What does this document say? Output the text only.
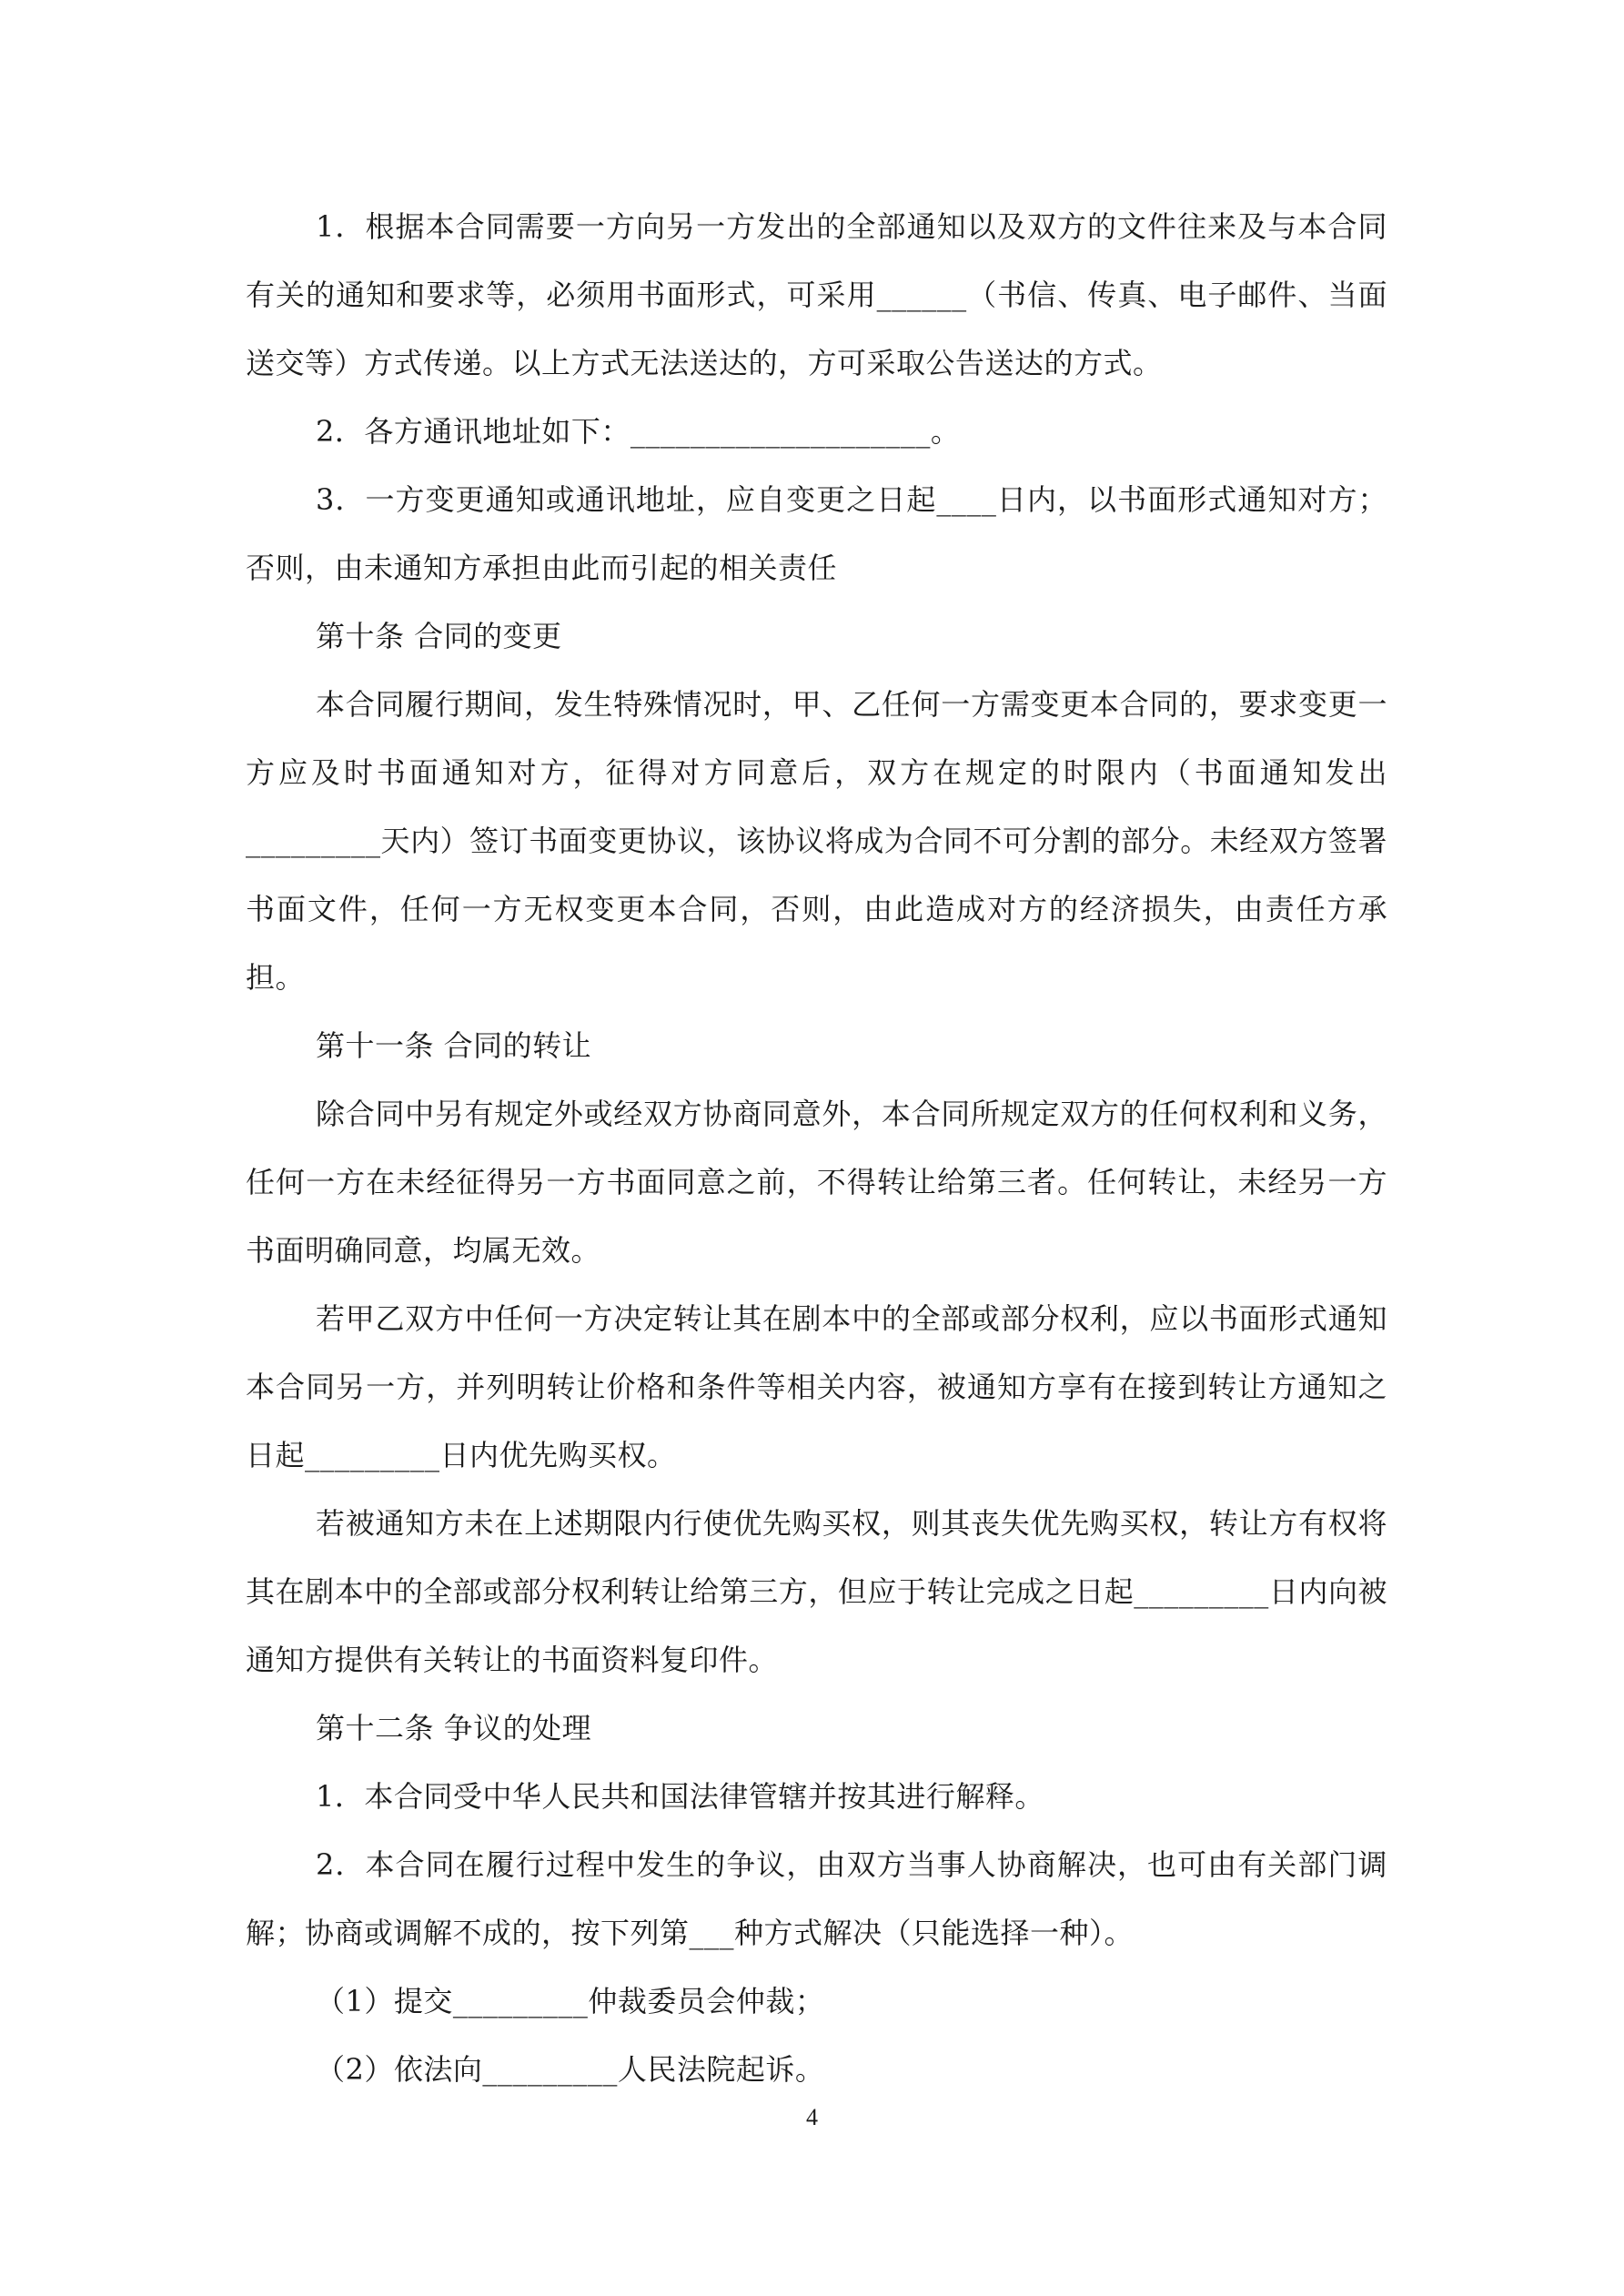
1．根据本合同需要一方向另一方发出的全部通知以及双方的文件往来及与本合同有关的通知和要求等，必须用书面形式，可采用______（书信、传真、电子邮件、当面送交等）方式传递。以上方式无法送达的，方可采取公告送达的方式。

2．各方通讯地址如下：____________________。

3．一方变更通知或通讯地址，应自变更之日起____日内，以书面形式通知对方；否则，由未通知方承担由此而引起的相关责任

第十条 合同的变更

本合同履行期间，发生特殊情况时，甲、乙任何一方需变更本合同的，要求变更一方应及时书面通知对方，征得对方同意后，双方在规定的时限内（书面通知发出_________天内）签订书面变更协议，该协议将成为合同不可分割的部分。未经双方签署书面文件，任何一方无权变更本合同，否则，由此造成对方的经济损失，由责任方承担。

第十一条 合同的转让

除合同中另有规定外或经双方协商同意外，本合同所规定双方的任何权利和义务，任何一方在未经征得另一方书面同意之前，不得转让给第三者。任何转让，未经另一方书面明确同意，均属无效。

若甲乙双方中任何一方决定转让其在剧本中的全部或部分权利，应以书面形式通知本合同另一方，并列明转让价格和条件等相关内容，被通知方享有在接到转让方通知之日起_________日内优先购买权。

若被通知方未在上述期限内行使优先购买权，则其丧失优先购买权，转让方有权将其在剧本中的全部或部分权利转让给第三方，但应于转让完成之日起_________日内向被通知方提供有关转让的书面资料复印件。

第十二条 争议的处理

1．本合同受中华人民共和国法律管辖并按其进行解释。

2．本合同在履行过程中发生的争议，由双方当事人协商解决，也可由有关部门调解；协商或调解不成的，按下列第___种方式解决（只能选择一种）。

（1）提交_________仲裁委员会仲裁；

（2）依法向_________人民法院起诉。

4
